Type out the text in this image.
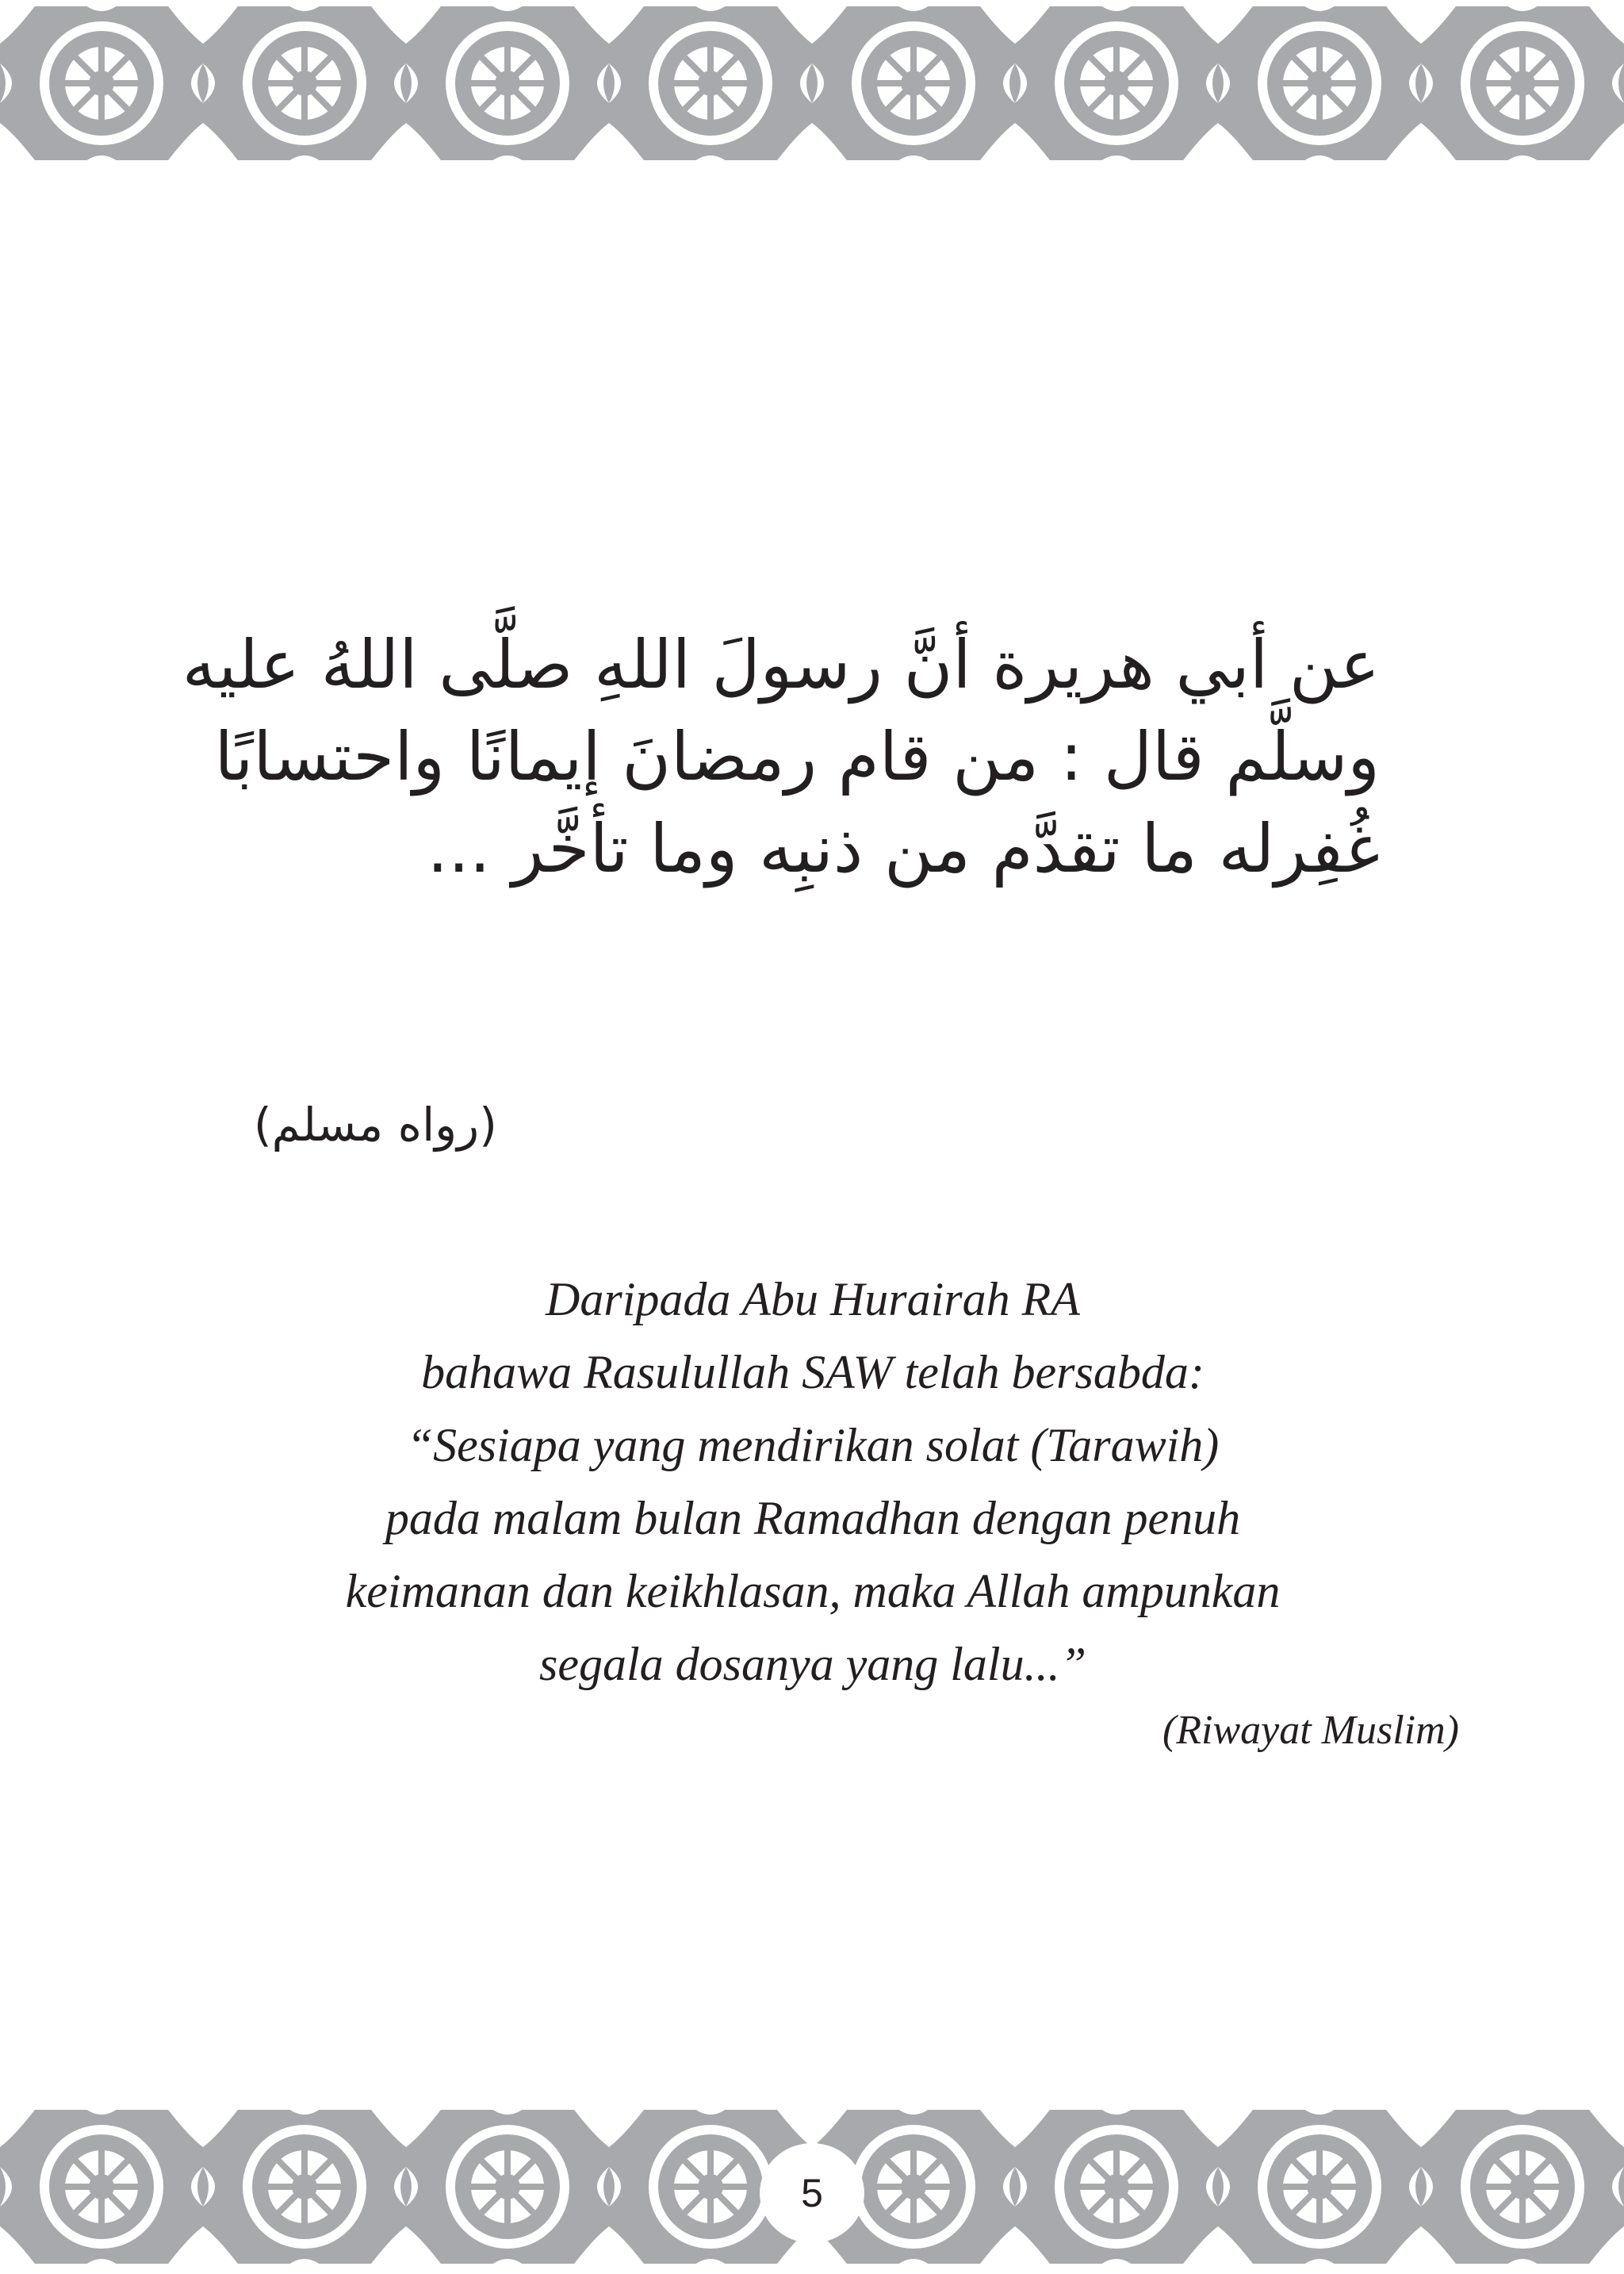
عن أبي هريرة أنَّ رسولَ اللهِ صلَّى اللهُ عليه
وسلَّم قال : من قام رمضانَ إيمانًا واحتسابًا
غُفِرله ما تقدَّم من ذنبِه وما تأخَّر ...
(رواه مسلم)
Daripada Abu Hurairah RA
bahawa Rasulullah SAW telah bersabda:
“Sesiapa yang mendirikan solat (Tarawih)
pada malam bulan Ramadhan dengan penuh
keimanan dan keikhlasan, maka Allah ampunkan
segala dosanya yang lalu...”
(Riwayat Muslim)
5
